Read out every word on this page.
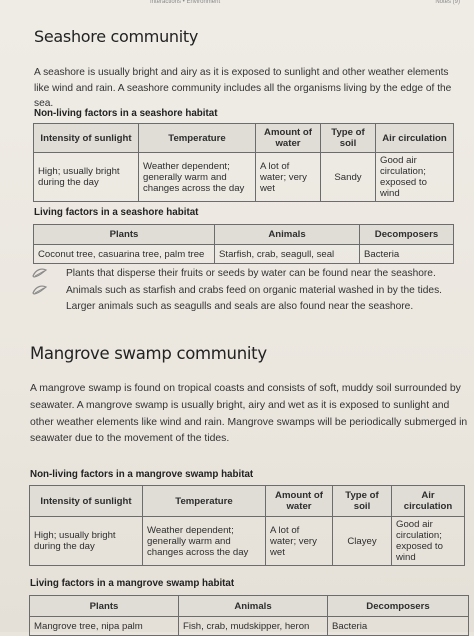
Interactions • Environment	Notes (9)
Seashore community

A seashore is usually bright and airy as it is exposed to sunlight and other weather elements like wind and rain. A seashore community includes all the organisms living by the edge of the sea.

Non-living factors in a seashore habitat

Intensity of sunlight	Temperature	Amount of water	Type of soil	Air circulation
High; usually bright during the day	Weather dependent; generally warm and changes across the day	A lot of water; very wet	Sandy	Good air circulation; exposed to wind

Living factors in a seashore habitat

Plants	Animals	Decomposers
Coconut tree, casuarina tree, palm tree	Starfish, crab, seagull, seal	Bacteria
Plants that disperse their fruits or seeds by water can be found near the seashore.
Animals such as starfish and crabs feed on organic material washed in by the tides. Larger animals such as seagulls and seals are also found near the seashore.
Mangrove swamp community

A mangrove swamp is found on tropical coasts and consists of soft, muddy soil surrounded by seawater. A mangrove swamp is usually bright, airy and wet as it is exposed to sunlight and other weather elements like wind and rain. Mangrove swamps will be periodically submerged in seawater due to the movement of the tides.

Non-living factors in a mangrove swamp habitat

Intensity of sunlight	Temperature	Amount of water	Type of soil	Air circulation
High; usually bright during the day	Weather dependent; generally warm and changes across the day	A lot of water; very wet	Clayey	Good air circulation; exposed to wind

Living factors in a mangrove swamp habitat

Plants	Animals	Decomposers
Mangrove tree, nipa palm	Fish, crab, mudskipper, heron	Bacteria
